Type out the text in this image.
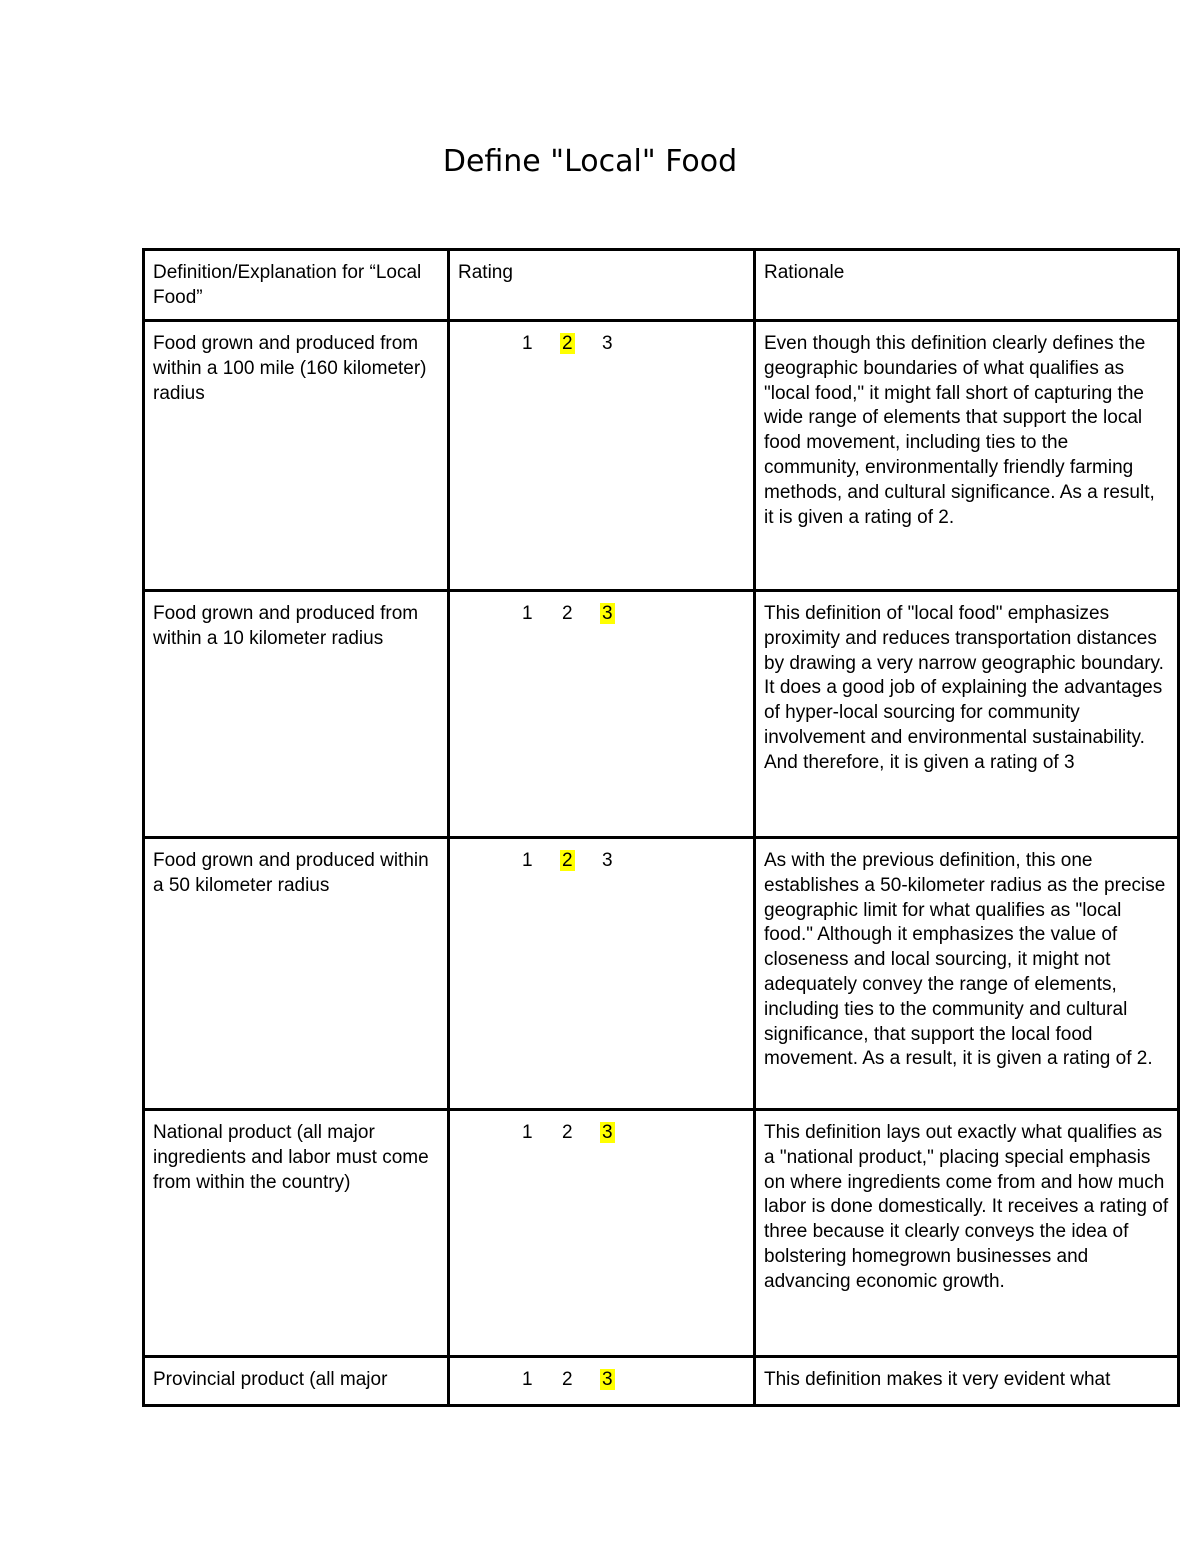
Define "Local" Food
Definition/Explanation for “Local Food”	Rating	Rationale
Food grown and produced from within a 100 mile (160 kilometer) radius	1 2 3	Even though this definition clearly defines the geographic boundaries of what qualifies as "local food," it might fall short of capturing the wide range of elements that support the local food movement, including ties to the community, environmentally friendly farming methods, and cultural significance. As a result, it is given a rating of 2.
Food grown and produced from within a 10 kilometer radius	1 2 3	This definition of "local food" emphasizes proximity and reduces transportation distances by drawing a very narrow geographic boundary. It does a good job of explaining the advantages of hyper-local sourcing for community involvement and environmental sustainability. And therefore, it is given a rating of 3
Food grown and produced within a 50 kilometer radius	1 2 3	As with the previous definition, this one establishes a 50-kilometer radius as the precise geographic limit for what qualifies as "local food." Although it emphasizes the value of closeness and local sourcing, it might not adequately convey the range of elements, including ties to the community and cultural significance, that support the local food movement. As a result, it is given a rating of 2.
National product (all major ingredients and labor must come from within the country)	1 2 3	This definition lays out exactly what qualifies as a "national product," placing special emphasis on where ingredients come from and how much labor is done domestically. It receives a rating of three because it clearly conveys the idea of bolstering homegrown businesses and advancing economic growth.
Provincial product (all major	1 2 3	This definition makes it very evident what
